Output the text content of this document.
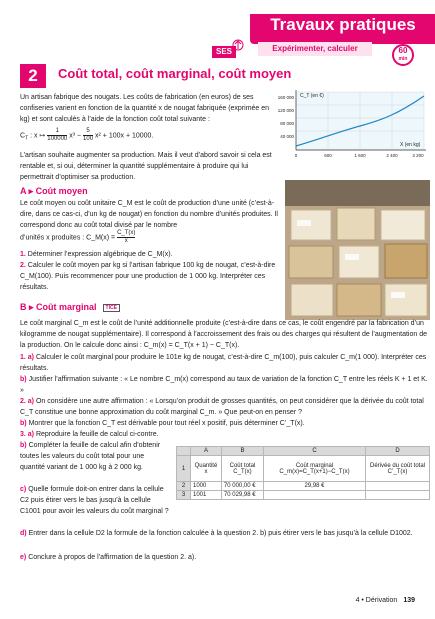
Travaux pratiques
SES	Expérimenter, calculer	60
min
2	Coût total, coût marginal, coût moyen
Un artisan fabrique des nougats. Les coûts de fabrication (en euros) de ses confiseries varient en fonction de la quantité x de nougat fabriquée (exprimée en kg) et sont calculés à l’aide de la fonction coût total suivante :
$C_T$ : x ↦ $\frac{1}{100000} x^3 - \frac{5}{100} x^2 + 100x + 10000$.
L’artisan souhaite augmenter sa production. Mais il veut d’abord savoir si cela est rentable et, si oui, déterminer la quantité supplémentaire à produire qui lui permettrait d’optimiser sa production.
C_T (en €)
X (en kg)
160 000
120 000
80 000
40 000
0	600	1 600	2 400	3 200
A ▸ Coût moyen
Le coût moyen ou coût unitaire C_M est le coût de production d’une unité (c’est-à-dire, dans ce cas-ci, d’un kg de nougat) en fonction du nombre d’unités produites. Il correspond donc au coût total divisé par le nombre
d’unités x produites : C_M(x) = $\frac{C\_T(x)}{x}$
1. Déterminer l’expression algébrique de C_M(x).
2. Calculer le coût moyen par kg si l’artisan fabrique 100 kg de nougat, c’est-à-dire C_M(100). Puis recommencer pour une production de 1 000 kg. Interpréter ces résultats.
B ▸ Coût marginal TICE
Le coût marginal C_m est le coût de l’unité additionnelle produite (c’est-à-dire dans ce cas, le coût engendré par la fabrication d’un kilogramme de nougat supplémentaire). Il correspond à l’accroissement des frais ou des charges qui résultent de l’augmentation de la production. On le calcule donc ainsi : C_m(x) = C_T(x + 1) − C_T(x).
1. a) Calculer le coût marginal pour produire le 101e kg de nougat, c’est-à-dire C_m(100), puis calculer C_m(1 000). Interpréter ces résultats.
b) Justifier l’affirmation suivante : « Le nombre C_m(x) correspond au taux de variation de la fonction C_T entre les réels K + 1 et K. »
2. a) On considère une autre affirmation : « Lorsqu’on produit de grosses quantités, on peut considérer que la dérivée du coût total C_T constitue une bonne approximation du coût marginal C_m. » Que peut-on en penser ?
b) Montrer que la fonction C_T est dérivable pour tout réel x positif, puis déterminer C’_T(x).
3. a) Reproduire la feuille de calcul ci-contre.
b) Compléter la feuille de calcul afin d’obtenir toutes les valeurs du coût total pour une quantité variant de 1 000 kg à 2 000 kg.
c) Quelle formule doit-on entrer dans la cellule C2 puis étirer vers le bas jusqu’à la cellule C1001 pour avoir les valeurs du coût marginal ?
d) Entrer dans la cellule D2 la formule de la fonction calculée à la question 2. b) puis étirer vers le bas jusqu’à la cellule D1002.
e) Conclure à propos de l’affirmation de la question 2. a).
	A	B	C	D
1	Quantité x	Coût total C_T(x)	Coût marginal C_m(x)=C_T(x+1)−C_T(x)	Dérivée du coût total C’_T(x)
2	1000	70 000,00 €	29,98 €	
3	1001	70 029,98 €		
4 • Dérivation 139
